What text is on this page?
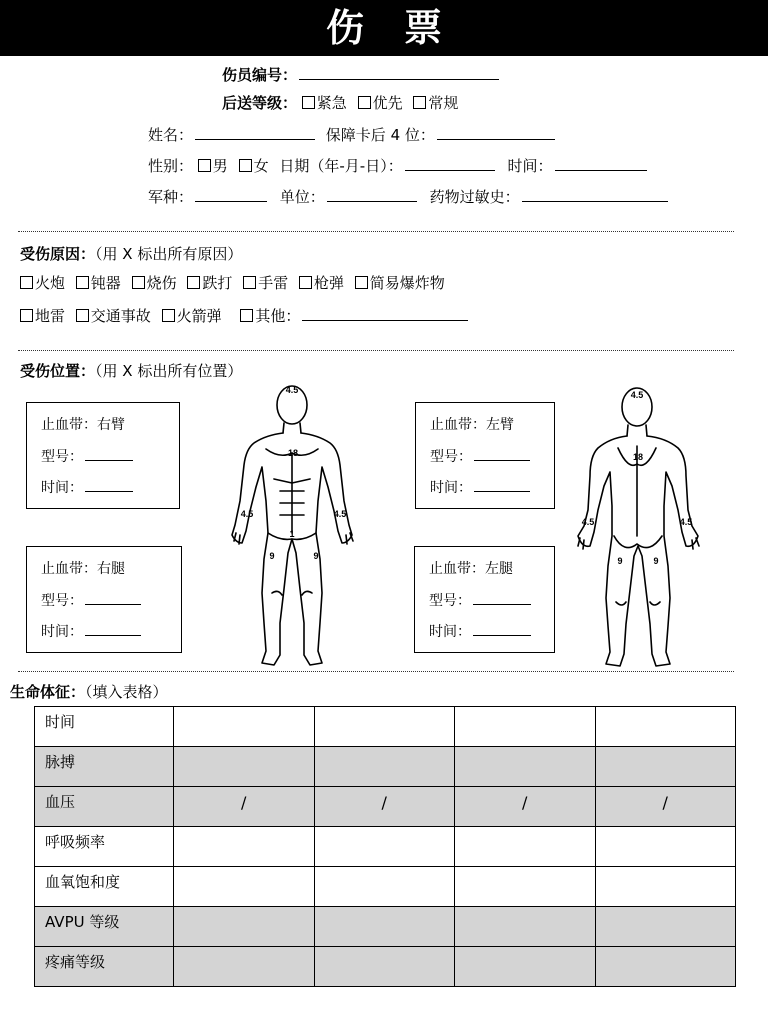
伤票
伤员编号：
后送等级： 紧急 优先 常规
姓名：	保障卡后 4 位：
性别： 男 女 日期（年-月-日）：	时间：
军种：	单位：	药物过敏史：
受伤原因：（用 X 标出所有原因）
火炮 钝器 烧伤 跌打 手雷 枪弹 简易爆炸物
地雷 交通事故 火箭弹 其他：
受伤位置：（用 X 标出所有位置）
止血带：右臂
型号：
时间：
止血带：左臂
型号：
时间：
止血带：右腿
型号：
时间：
止血带：左腿
型号：
时间：
4.5
18
4.5	4.5
1
9	9
4.5
18
4.5	4.5
9	9
生命体征：（填入表格）
时间				
脉搏				
血压	/	/	/	/
呼吸频率				
血氧饱和度				
AVPU 等级				
疼痛等级				
